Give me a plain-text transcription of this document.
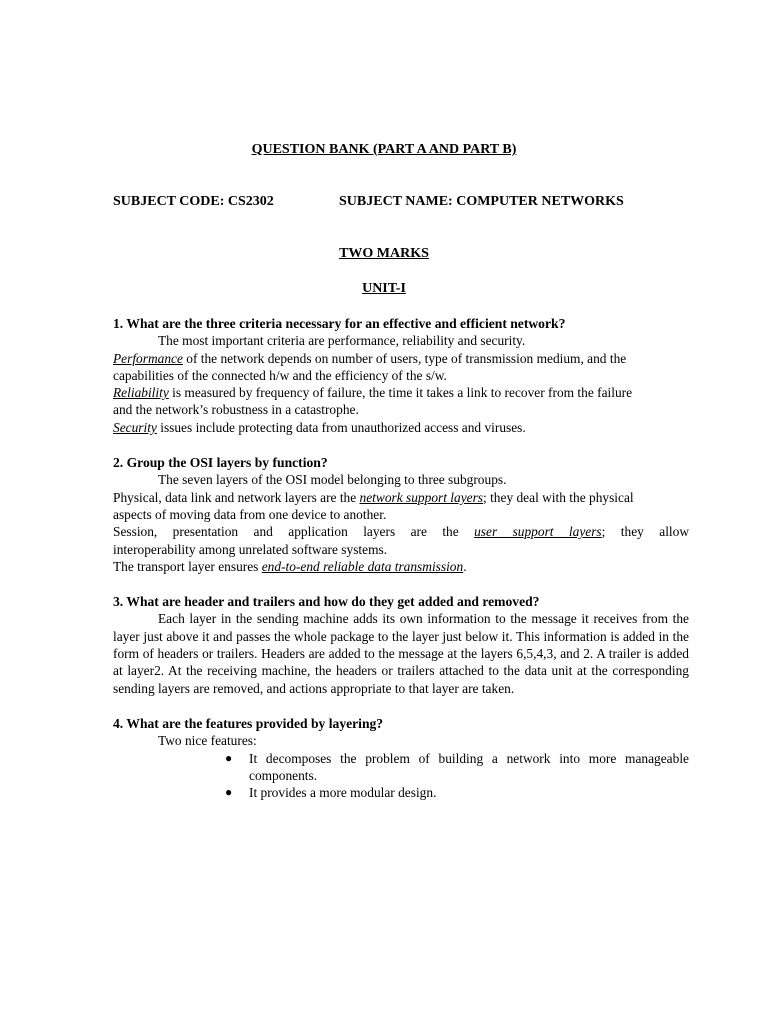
QUESTION BANK (PART A AND PART B)
SUBJECT CODE: CS2302	SUBJECT NAME: COMPUTER NETWORKS
TWO MARKS
UNIT-I

1. What are the three criteria necessary for an effective and efficient network?

The most important criteria are performance, reliability and security.

Performance of the network depends on number of users, type of transmission medium, and the
capabilities of the connected h/w and the efficiency of the s/w.

Reliability is measured by frequency of failure, the time it takes a link to recover from the failure
and the network’s robustness in a catastrophe.

Security issues include protecting data from unauthorized access and viruses.

2. Group the OSI layers by function?

The seven layers of the OSI model belonging to three subgroups.

Physical, data link and network layers are the network support layers; they deal with the physical
aspects of moving data from one device to another.

Session, presentation and application layers are the user support layers; they allow
interoperability among unrelated software systems.

The transport layer ensures end-to-end reliable data transmission.

3. What are header and trailers and how do they get added and removed?

Each layer in the sending machine adds its own information to the message it receives from the layer just above it and passes the whole package to the layer just below it. This information is added in the form of headers or trailers. Headers are added to the message at the layers 6,5,4,3, and 2. A trailer is added at layer2. At the receiving machine, the headers or trailers attached to the data unit at the corresponding sending layers are removed, and actions appropriate to that layer are taken.

4. What are the features provided by layering?

Two nice features:

● It decomposes the problem of building a network into more manageable components.
● It provides a more modular design.
